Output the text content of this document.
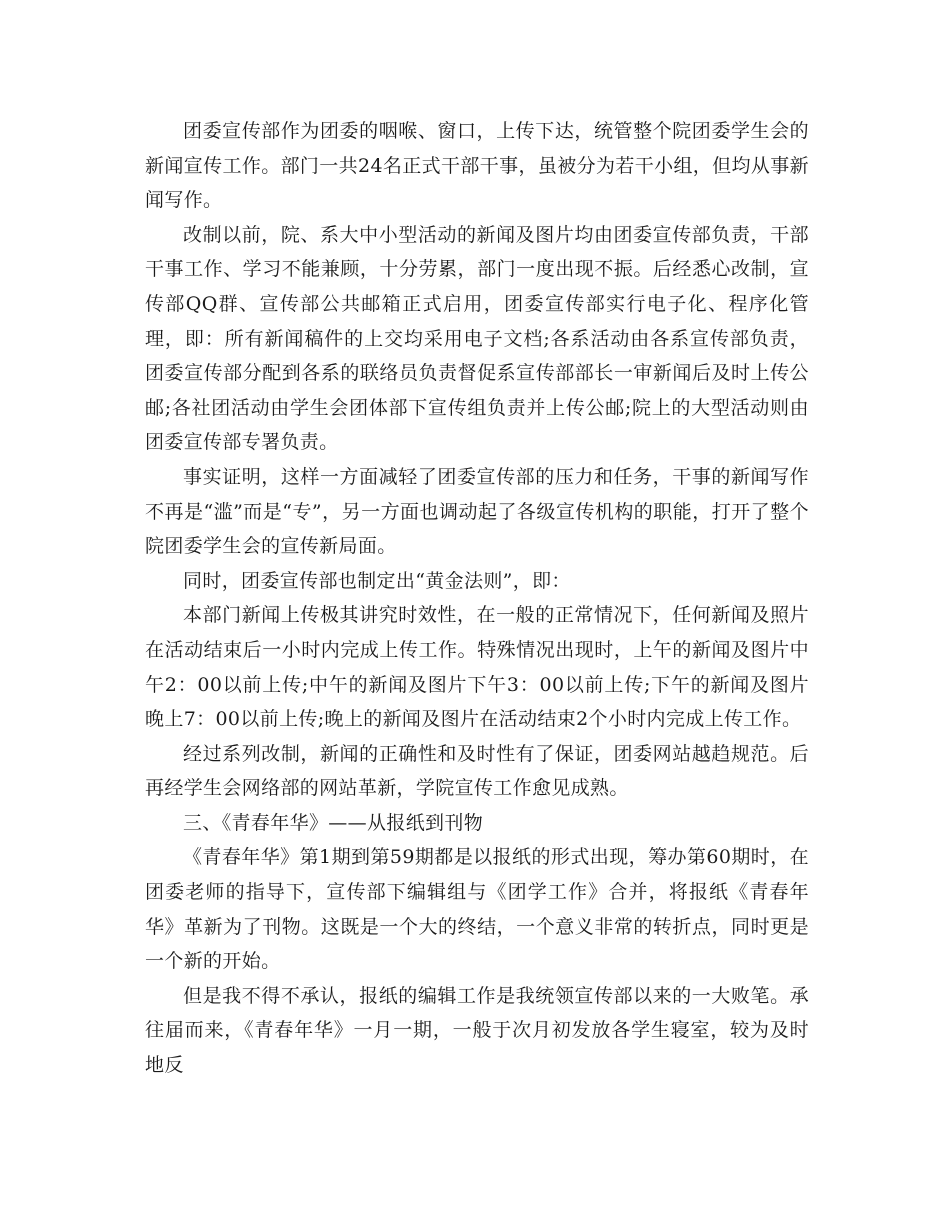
团委宣传部作为团委的咽喉、窗口，上传下达，统管整个院团委学生会的新闻宣传工作。部门一共24名正式干部干事，虽被分为若干小组，但均从事新闻写作。

改制以前，院、系大中小型活动的新闻及图片均由团委宣传部负责，干部干事工作、学习不能兼顾，十分劳累，部门一度出现不振。后经悉心改制，宣传部QQ群、宣传部公共邮箱正式启用，团委宣传部实行电子化、程序化管理，即：所有新闻稿件的上交均采用电子文档;各系活动由各系宣传部负责，团委宣传部分配到各系的联络员负责督促系宣传部部长一审新闻后及时上传公邮;各社团活动由学生会团体部下宣传组负责并上传公邮;院上的大型活动则由团委宣传部专署负责。

事实证明，这样一方面减轻了团委宣传部的压力和任务，干事的新闻写作不再是“滥”而是“专”，另一方面也调动起了各级宣传机构的职能，打开了整个院团委学生会的宣传新局面。

同时，团委宣传部也制定出“黄金法则”，即：

本部门新闻上传极其讲究时效性，在一般的正常情况下，任何新闻及照片在活动结束后一小时内完成上传工作。特殊情况出现时，上午的新闻及图片中午2：00以前上传;中午的新闻及图片下午3：00以前上传;下午的新闻及图片晚上7：00以前上传;晚上的新闻及图片在活动结束2个小时内完成上传工作。

经过系列改制，新闻的正确性和及时性有了保证，团委网站越趋规范。后再经学生会网络部的网站革新，学院宣传工作愈见成熟。

三、《青春年华》——从报纸到刊物

《青春年华》第1期到第59期都是以报纸的形式出现，筹办第60期时，在团委老师的指导下，宣传部下编辑组与《团学工作》合并，将报纸《青春年华》革新为了刊物。这既是一个大的终结，一个意义非常的转折点，同时更是一个新的开始。

但是我不得不承认，报纸的编辑工作是我统领宣传部以来的一大败笔。承往届而来，《青春年华》一月一期，一般于次月初发放各学生寝室，较为及时地反
